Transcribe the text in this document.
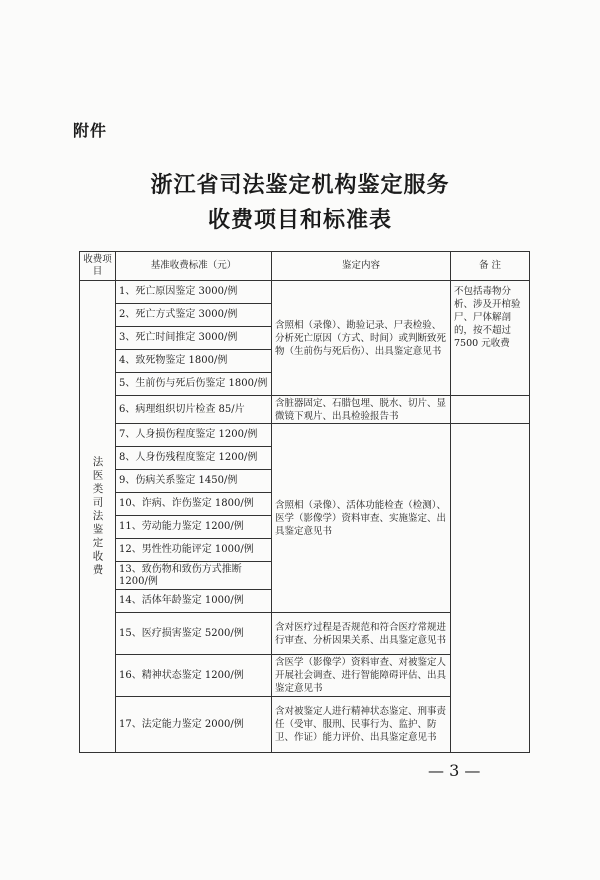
附件
浙江省司法鉴定机构鉴定服务
收费项目和标准表
收费项目	基准收费标准（元）	鉴定内容	备 注
法医类司法鉴定收费	1、死亡原因鉴定 3000/例	含照相（录像）、勘验记录、尸表检验、分析死亡原因（方式、时间）或判断致死物（生前伤与死后伤）、出具鉴定意见书	不包括毒物分析、涉及开棺验尸、尸体解剖的，按不超过 7500 元收费
	2、死亡方式鉴定 3000/例		
	3、死亡时间推定 3000/例		
	4、致死物鉴定 1800/例		
	5、生前伤与死后伤鉴定 1800/例		
	6、病理组织切片检查 85/片	含脏器固定、石腊包埋、脱水、切片、显微镜下观片、出具检验报告书	
	7、人身损伤程度鉴定 1200/例	含照相（录像）、活体功能检查（检测）、医学（影像学）资料审查、实施鉴定、出具鉴定意见书	
	8、人身伤残程度鉴定 1200/例		
	9、伤病关系鉴定 1450/例		
	10、诈病、诈伤鉴定 1800/例		
	11、劳动能力鉴定 1200/例		
	12、男性性功能评定 1000/例		
	13、致伤物和致伤方式推断 1200/例		
	14、活体年龄鉴定 1000/例		
	15、医疗损害鉴定 5200/例	含对医疗过程是否规范和符合医疗常规进行审查、分析因果关系、出具鉴定意见书	
	16、精神状态鉴定 1200/例	含医学（影像学）资料审查、对被鉴定人开展社会调查、进行智能障碍评估、出具鉴定意见书	
	17、法定能力鉴定 2000/例	含对被鉴定人进行精神状态鉴定、刑事责任（受审、服刑、民事行为、监护、防卫、作证）能力评价、出具鉴定意见书	
— 3 —
